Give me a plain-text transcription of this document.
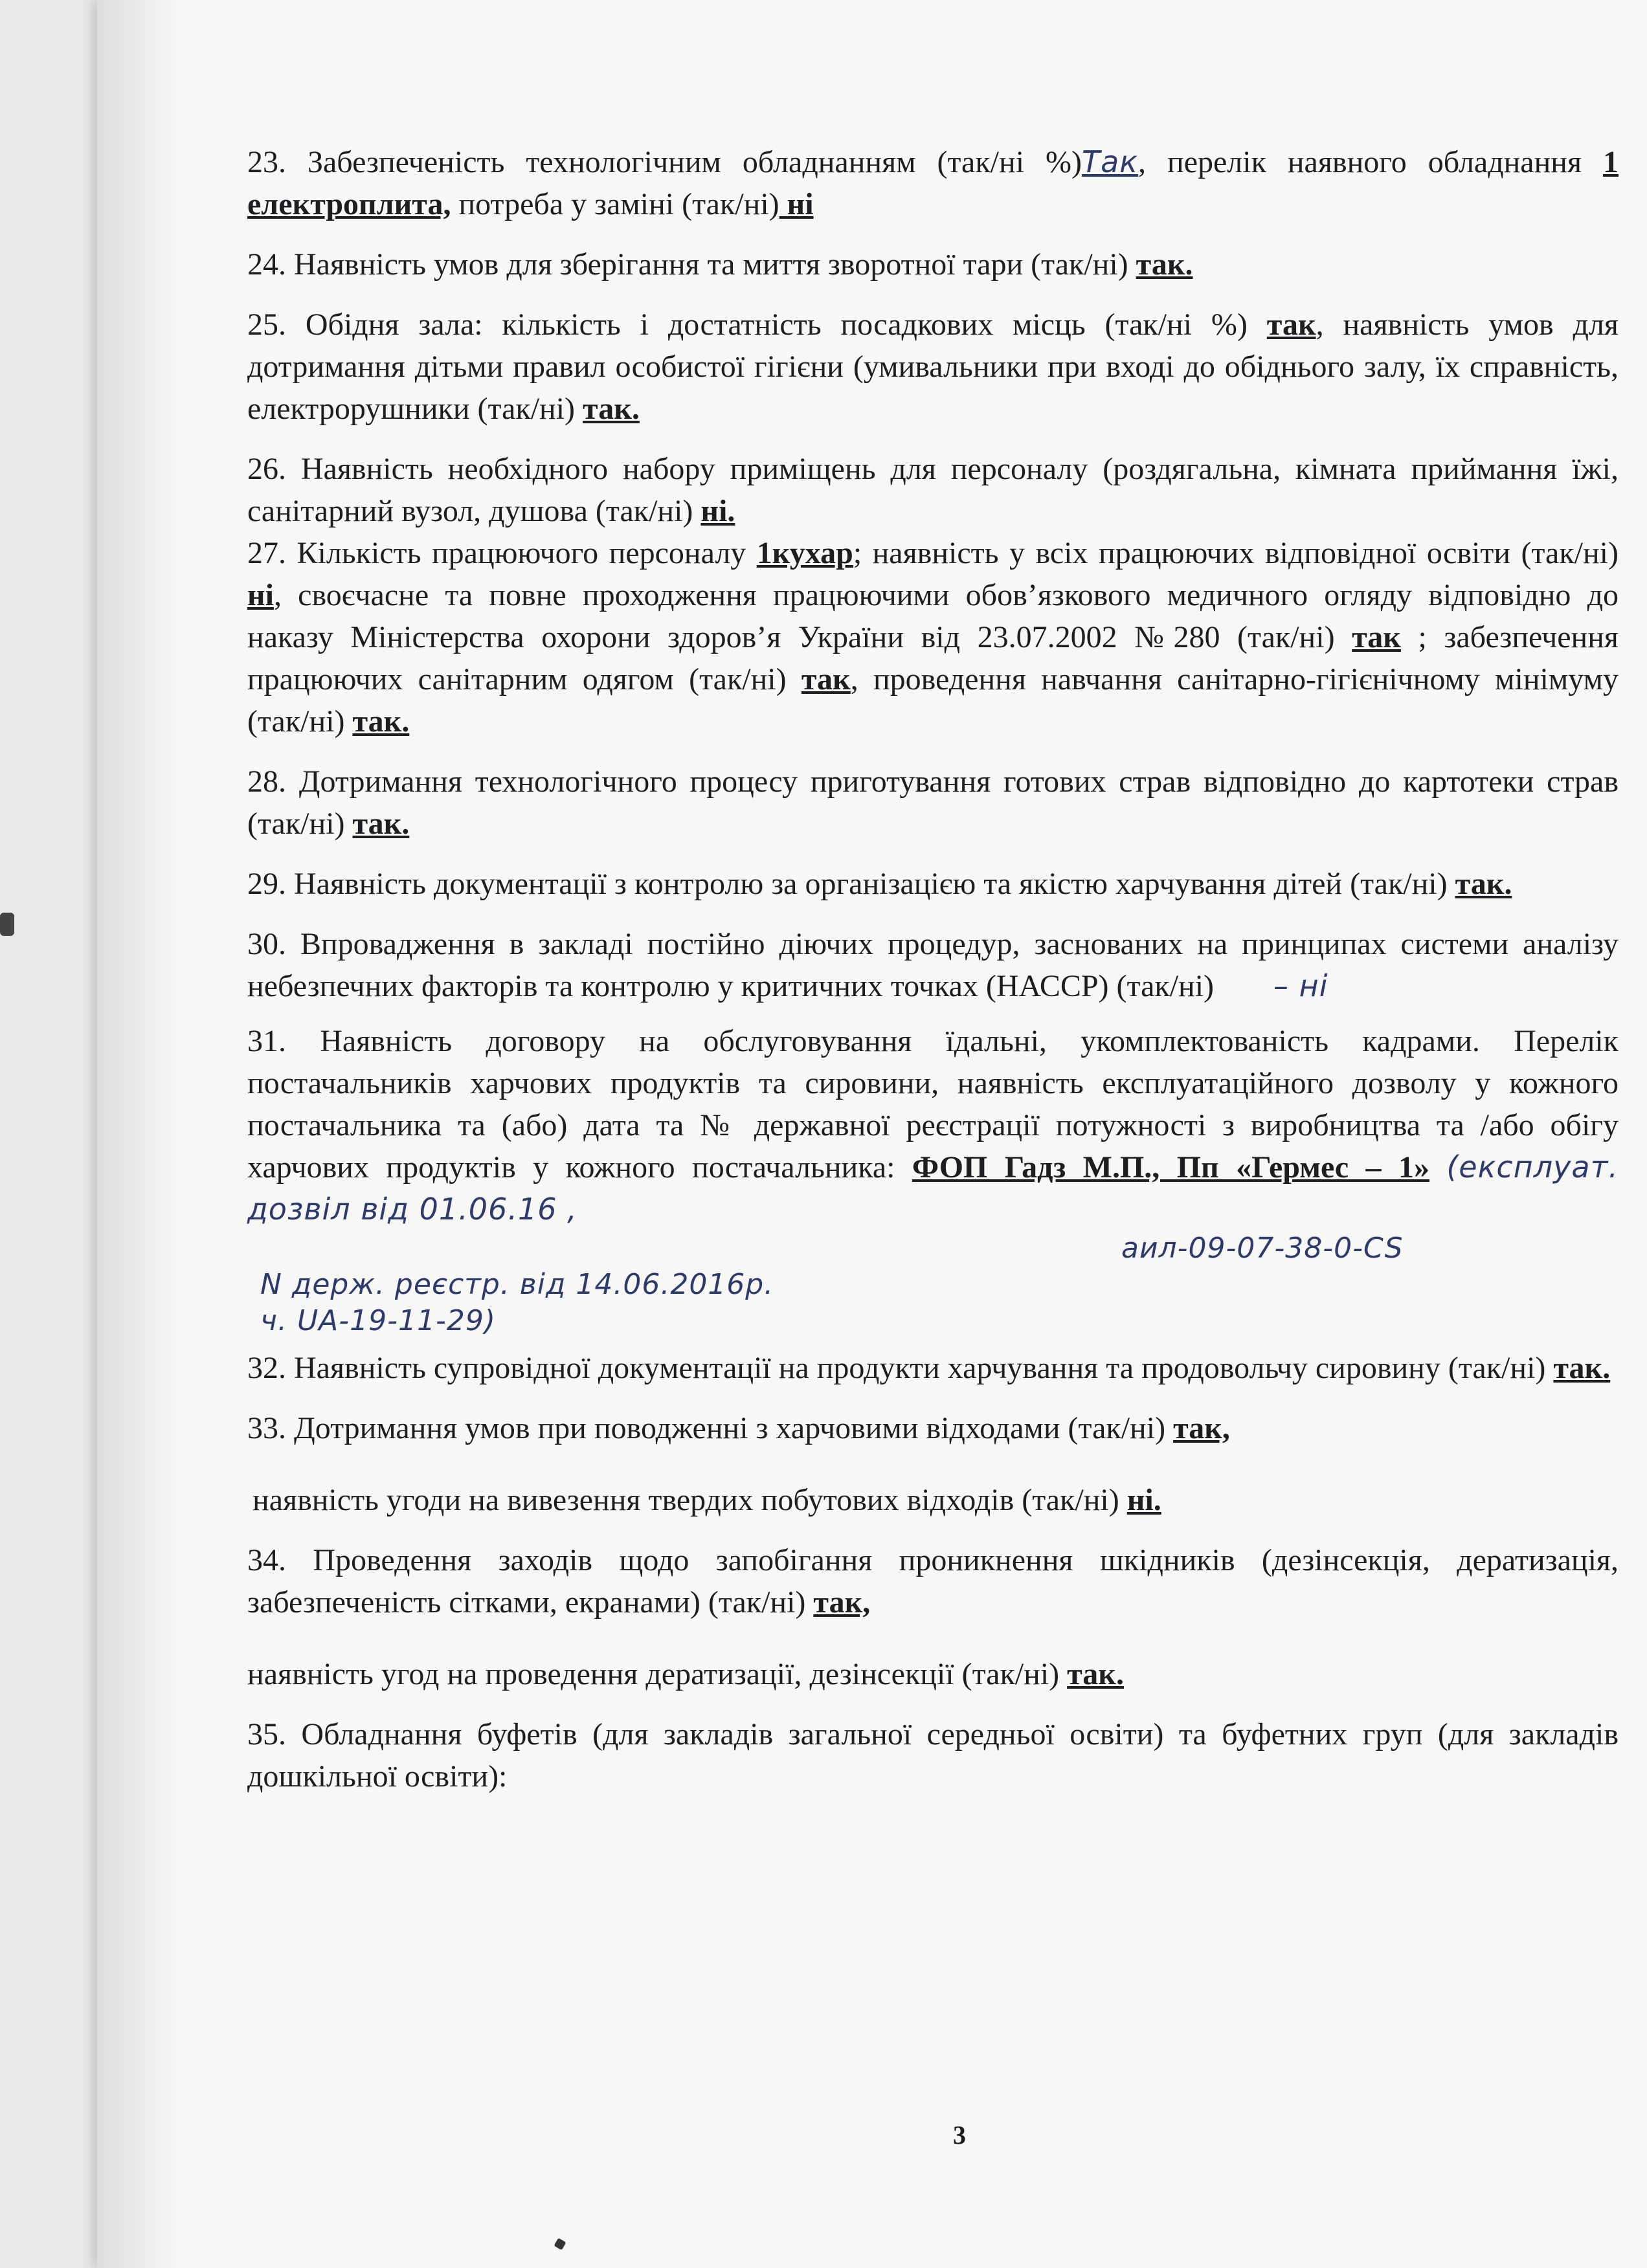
23. Забезпеченість технологічним обладнанням (так/ні %)Так, перелік наявного обладнання 1 електроплита, потреба у заміні (так/ні) ні

24. Наявність умов для зберігання та миття зворотної тари (так/ні) так.

25. Обідня зала: кількість і достатність посадкових місць (так/ні %) так, наявність умов для дотримання дітьми правил особистої гігієни (умивальники при вході до обіднього залу, їх справність, електрорушники (так/ні) так.

26. Наявність необхідного набору приміщень для персоналу (роздягальна, кімната приймання їжі, санітарний вузол, душова (так/ні) ні.

27. Кількість працюючого персоналу 1кухар; наявність у всіх працюючих відповідної освіти (так/ні) ні, своєчасне та повне проходження працюючими обов’язкового медичного огляду відповідно до наказу Міністерства охорони здоров’я України від 23.07.2002 №280 (так/ні) так ; забезпечення працюючих санітарним одягом (так/ні) так, проведення навчання санітарно-гігієнічному мінімуму (так/ні) так.

28. Дотримання технологічного процесу приготування готових страв відповідно до картотеки страв (так/ні) так.

29. Наявність документації з контролю за організацією та якістю харчування дітей (так/ні) так.

30. Впровадження в закладі постійно діючих процедур, заснованих на принципах системи аналізу небезпечних факторів та контролю у критичних точках (НАССР) (так/ні) – ні

31. Наявність договору на обслуговування їдальні, укомплектованість кадрами. Перелік постачальників харчових продуктів та сировини, наявність експлуатаційного дозволу у кожного постачальника та (або) дата та № державної реєстрації потужності з виробництва та /або обігу харчових продуктів у кожного постачальника: ФОП Гадз М.П., Пп «Гермес – 1» (експлуат. дозвіл від 01.06.16 ,
аил-09-07-38-0-CS
N держ. реєстр. від 14.06.2016р.
ч. UA-19-11-29)

32. Наявність супровідної документації на продукти харчування та продовольчу сировину (так/ні) так.

33. Дотримання умов при поводженні з харчовими відходами (так/ні) так,
наявність угоди на вивезення твердих побутових відходів (так/ні) ні.

34. Проведення заходів щодо запобігання проникнення шкідників (дезінсекція, дератизація, забезпеченість сітками, екранами) (так/ні) так,
наявність угод на проведення дератизації, дезінсекції (так/ні) так.

35. Обладнання буфетів (для закладів загальної середньої освіти) та буфетних груп (для закладів дошкільної освіти):

3
